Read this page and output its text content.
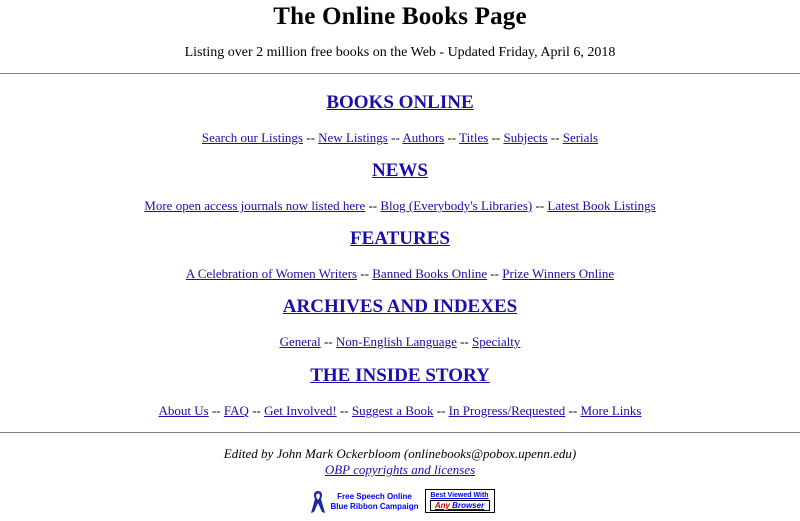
The Online Books Page
Listing over 2 million free books on the Web - Updated Friday, April 6, 2018
BOOKS ONLINE
Search our Listings -- New Listings -- Authors -- Titles -- Subjects -- Serials
NEWS
More open access journals now listed here -- Blog (Everybody's Libraries) -- Latest Book Listings
FEATURES
A Celebration of Women Writers -- Banned Books Online -- Prize Winners Online
ARCHIVES AND INDEXES
General -- Non-English Language -- Specialty
THE INSIDE STORY
About Us -- FAQ -- Get Involved! -- Suggest a Book -- In Progress/Requested -- More Links
Edited by John Mark Ockerbloom (onlinebooks@pobox.upenn.edu)
OBP copyrights and licenses
Free Speech Online
Blue Ribbon Campaign

Best Viewed With
Any Browser
